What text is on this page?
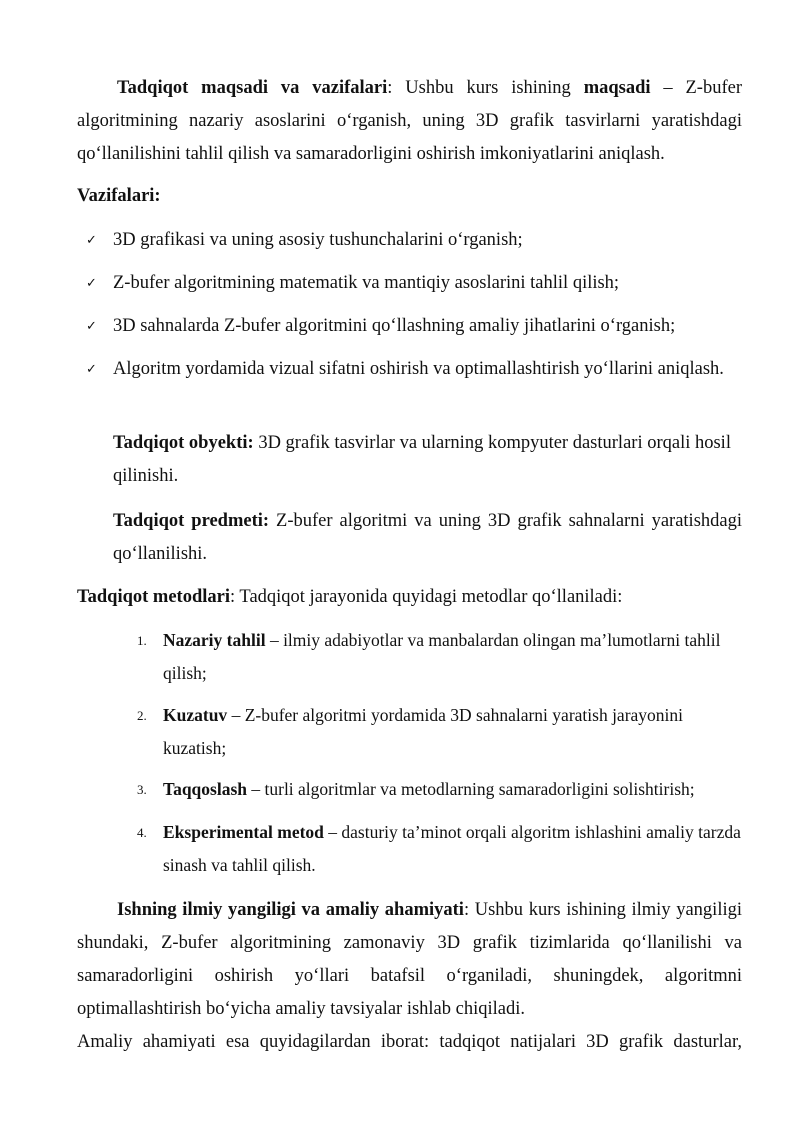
Tadqiqot maqsadi va vazifalari: Ushbu kurs ishining maqsadi – Z-bufer algoritmining nazariy asoslarini o‘rganish, uning 3D grafik tasvirlarni yaratishdagi qo‘llanilishini tahlil qilish va samaradorligini oshirish imkoniyatlarini aniqlash.

Vazifalari:

✓ 3D grafikasi va uning asosiy tushunchalarini o‘rganish;
✓ Z-bufer algoritmining matematik va mantiqiy asoslarini tahlil qilish;
✓ 3D sahnalarda Z-bufer algoritmini qo‘llashning amaliy jihatlarini o‘rganish;
✓ Algoritm yordamida vizual sifatni oshirish va optimallashtirish yo‘llarini aniqlash.

Tadqiqot obyekti: 3D grafik tasvirlar va ularning kompyuter dasturlari orqali hosil qilinishi.

Tadqiqot predmeti: Z-bufer algoritmi va uning 3D grafik sahnalarni yaratishdagi qo‘llanilishi.

Tadqiqot metodlari: Tadqiqot jarayonida quyidagi metodlar qo‘llaniladi:

1. Nazariy tahlil – ilmiy adabiyotlar va manbalardan olingan ma’lumotlarni tahlil qilish;
2. Kuzatuv – Z-bufer algoritmi yordamida 3D sahnalarni yaratish jarayonini kuzatish;
3. Taqqoslash – turli algoritmlar va metodlarning samaradorligini solishtirish;
4. Eksperimental metod – dasturiy ta’minot orqali algoritm ishlashini amaliy tarzda sinash va tahlil qilish.

Ishning ilmiy yangiligi va amaliy ahamiyati: Ushbu kurs ishining ilmiy yangiligi shundaki, Z-bufer algoritmining zamonaviy 3D grafik tizimlarida qo‘llanilishi va samaradorligini oshirish yo‘llari batafsil o‘rganiladi, shuningdek, algoritmni optimallashtirish bo‘yicha amaliy tavsiyalar ishlab chiqiladi.

Amaliy ahamiyati esa quyidagilardan iborat: tadqiqot natijalari 3D grafik dasturlar,
